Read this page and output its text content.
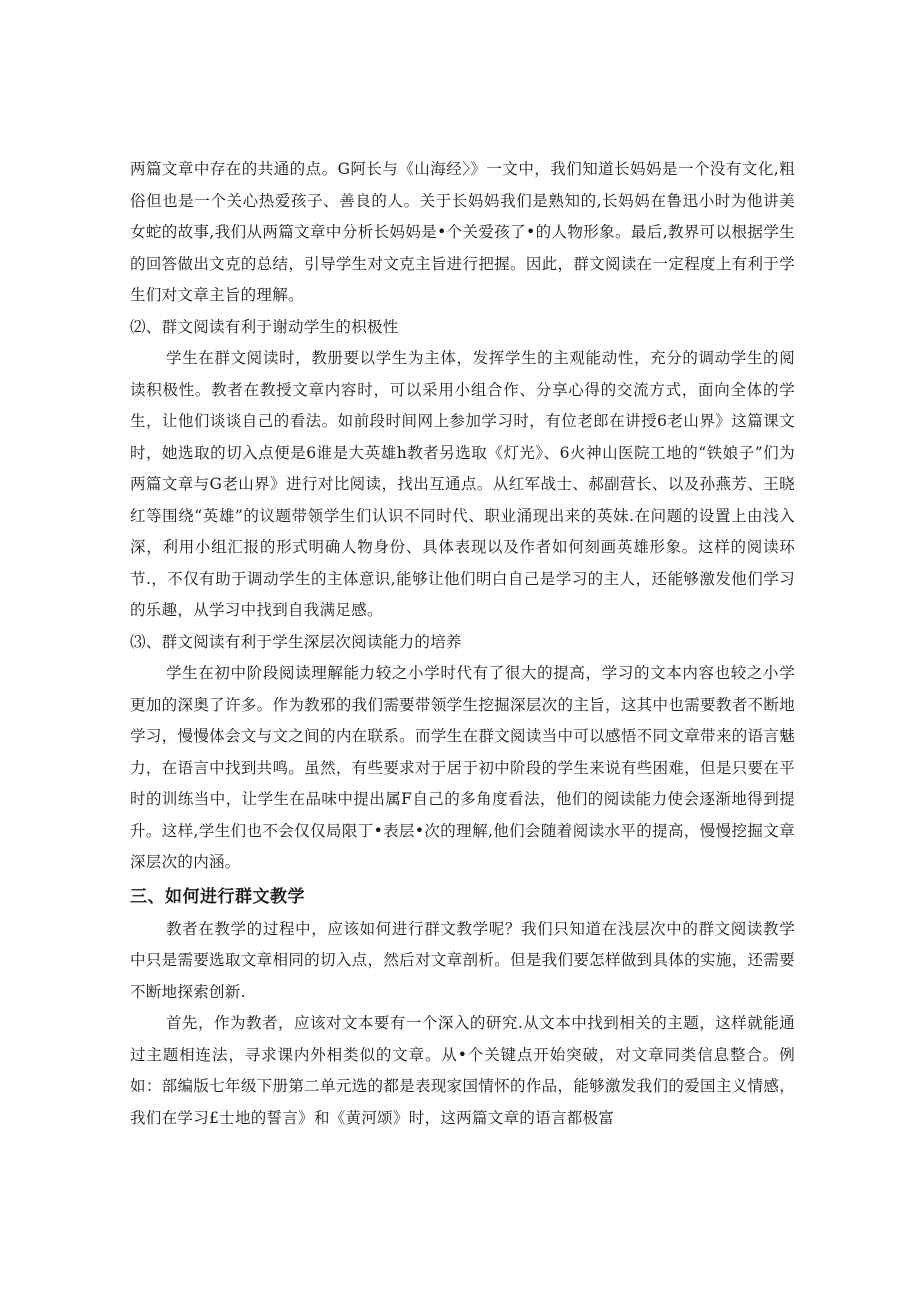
两篇文章中存在的共通的点。G阿长与《山海经〉》一文中，我们知道长妈妈是一个没有文化,粗俗但也是一个关心热爱孩子、善良的人。关于长妈妈我们是熟知的,长妈妈在鲁迅小时为他讲美女蛇的故事,我们从两篇文章中分析长妈妈是•个关爱孩了•的人物形象。最后,教界可以根据学生的回答做出文克的总结，引导学生对文克主旨进行把握。因此，群文阅读在一定程度上有利于学生们对文章主旨的理解。

⑵、群文阅读有利于谢动学生的枳极性

学生在群文阅读时，教册要以学生为主体，发挥学生的主观能动性，充分的调动学生的阅读积极性。教者在教授文章内容时，可以采用小组合作、分享心得的交流方式，面向全体的学生，让他们谈谈自己的看法。如前段时间网上参加学习时，有位老郎在讲授6老山界》这篇课文时，她选取的切入点便是6谁是大英雄h教者另选取《灯光》、6火神山医院工地的“铁娘子”们为两篇文章与G老山界》进行对比阅读，找出互通点。从红军战士、郝副营长、以及孙燕芳、王晓红等围绕“英雄”的议题带领学生们认识不同时代、职业涌现出来的英妹.在问题的设置上由浅入深，利用小组汇报的形式明确人物身份、具体表现以及作者如何刻画英雄形象。这样的阅读环节.，不仅有助于调动学生的主体意识,能够让他们明白自己是学习的主人，还能够激发他们学习的乐趣，从学习中找到自我满足感。

⑶、群文阅读有利于学生深层次阅读能力的培养

学生在初中阶段阅读理解能力较之小学时代有了很大的提高，学习的文本内容也较之小学更加的深奥了许多。作为教邪的我们需要带领学生挖掘深层次的主旨，这其中也需要教者不断地学习，慢慢体会文与文之间的内在联系。而学生在群文阅读当中可以感悟不同文章带来的语言魅力，在语言中找到共鸣。虽然，有些要求对于居于初中阶段的学生来说有些困难，但是只要在平时的训练当中，让学生在品味中提出属F自己的多角度看法，他们的阅读能力使会逐渐地得到提升。这样,学生们也不会仅仅局限丁•表层•次的理解,他们会随着阅读水平的提高，慢慢挖掘文章深层次的内涵。

三、如何进行群文教学

教者在教学的过程中，应该如何进行群文教学呢？我们只知道在浅层次中的群文阅读教学中只是需要选取文章相同的切入点，然后对文章剖析。但是我们要怎样做到具体的实施，还需要不断地探索创新.

首先，作为教者，应该对文本要有一个深入的研究.从文本中找到相关的主题，这样就能通过主题相连法，寻求课内外相类似的文章。从•个关键点开始突破，对文章同类信息整合。例如：部编版七年级下册第二单元选的都是表现家国情怀的作品，能够激发我们的爱国主义情感，我们在学习£士地的誓言》和《黄河颂》时，这两篇文章的语言都极富
